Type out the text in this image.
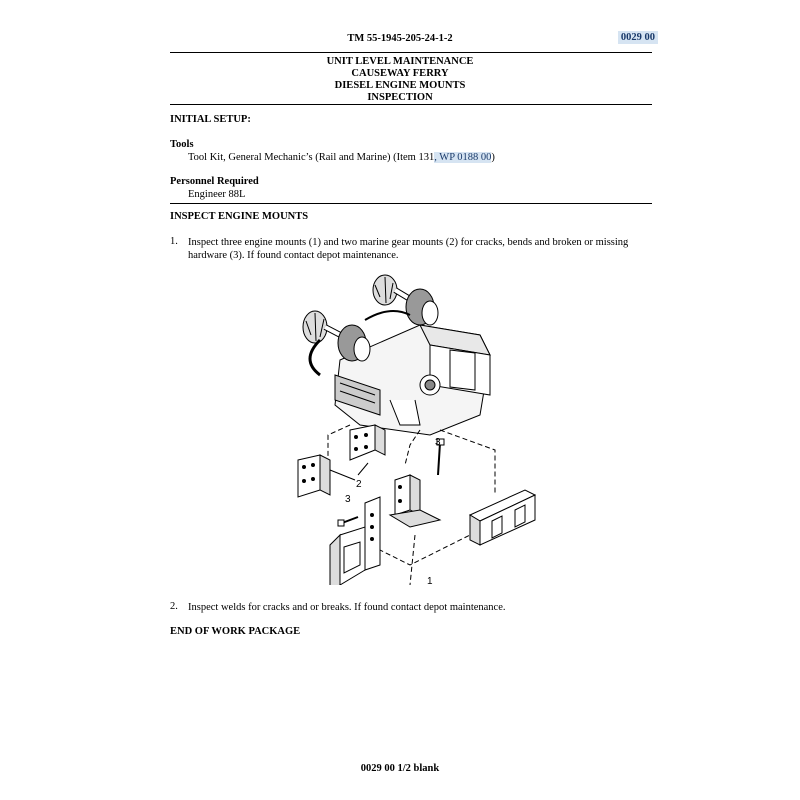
TM 55-1945-205-24-1-2	0029 00
UNIT LEVEL MAINTENANCE
CAUSEWAY FERRY
DIESEL ENGINE MOUNTS
INSPECTION
INITIAL SETUP:
Tools
Tool Kit, General Mechanic’s (Rail and Marine) (Item 131, WP 0188 00)
Personnel Required
Engineer 88L
INSPECT ENGINE MOUNTS
1. Inspect three engine mounts (1) and two marine gear mounts (2) for cracks, bends and broken or missing hardware (3). If found contact depot maintenance.
3
2
3
1
2. Inspect welds for cracks and or breaks. If found contact depot maintenance.
END OF WORK PACKAGE
0029 00 1/2 blank
